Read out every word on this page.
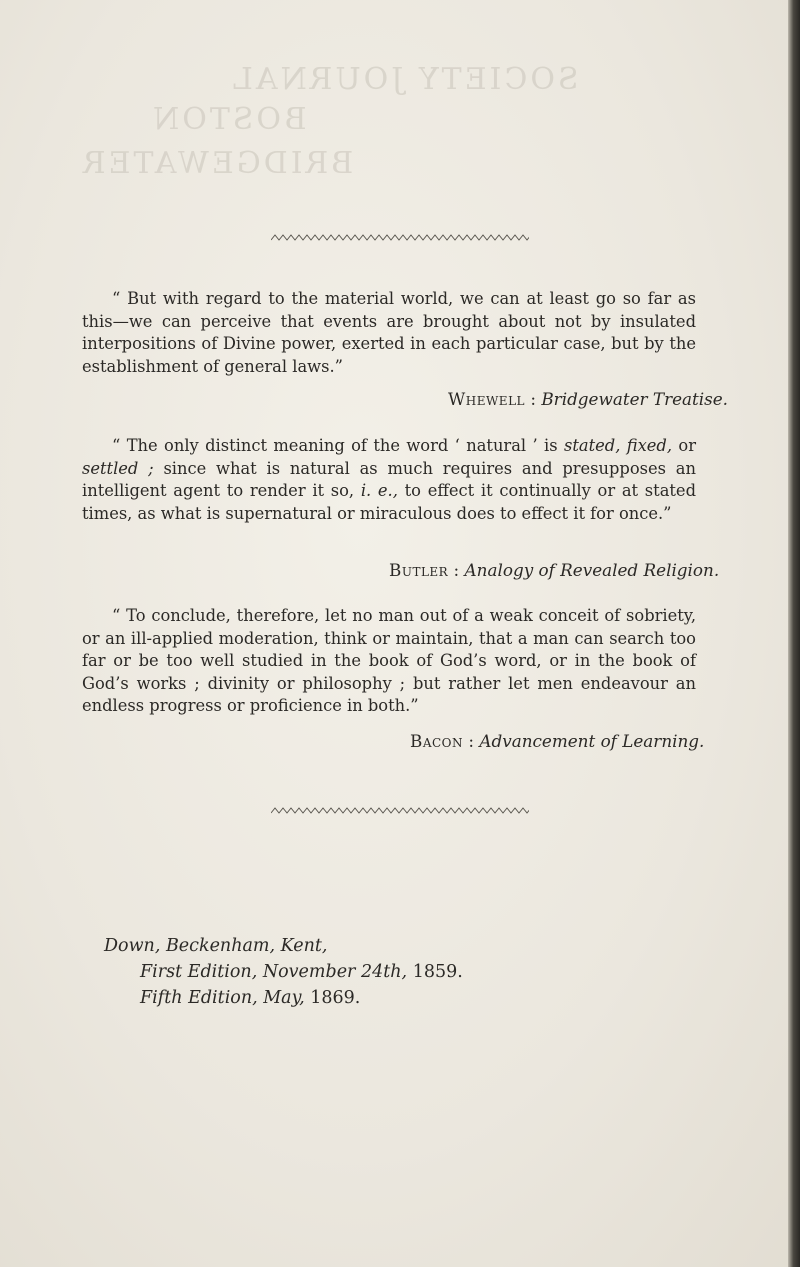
SOCIETY JOURNAL
BOSTON
BRIDGEWATER

“ But with regard to the material world, we can at least go so far as this—we can perceive that events are brought about not by insulated interpositions of Divine power, exerted in each particular case, but by the establishment of general laws.”

Whewell : Bridgewater Treatise.

“ The only distinct meaning of the word ‘ natural ’ is stated, fixed, or settled ; since what is natural as much requires and presupposes an intelligent agent to render it so, i. e., to effect it continually or at stated times, as what is supernatural or miraculous does to effect it for once.”

Butler : Analogy of Revealed Religion.

“ To conclude, therefore, let no man out of a weak conceit of sobriety, or an ill-applied moderation, think or maintain, that a man can search too far or be too well studied in the book of God’s word, or in the book of God’s works ; divinity or philosophy ; but rather let men endeavour an endless progress or proficience in both.”

Bacon : Advancement of Learning.
Down, Beckenham, Kent,
First Edition, November 24th, 1859.
Fifth Edition, May, 1869.
